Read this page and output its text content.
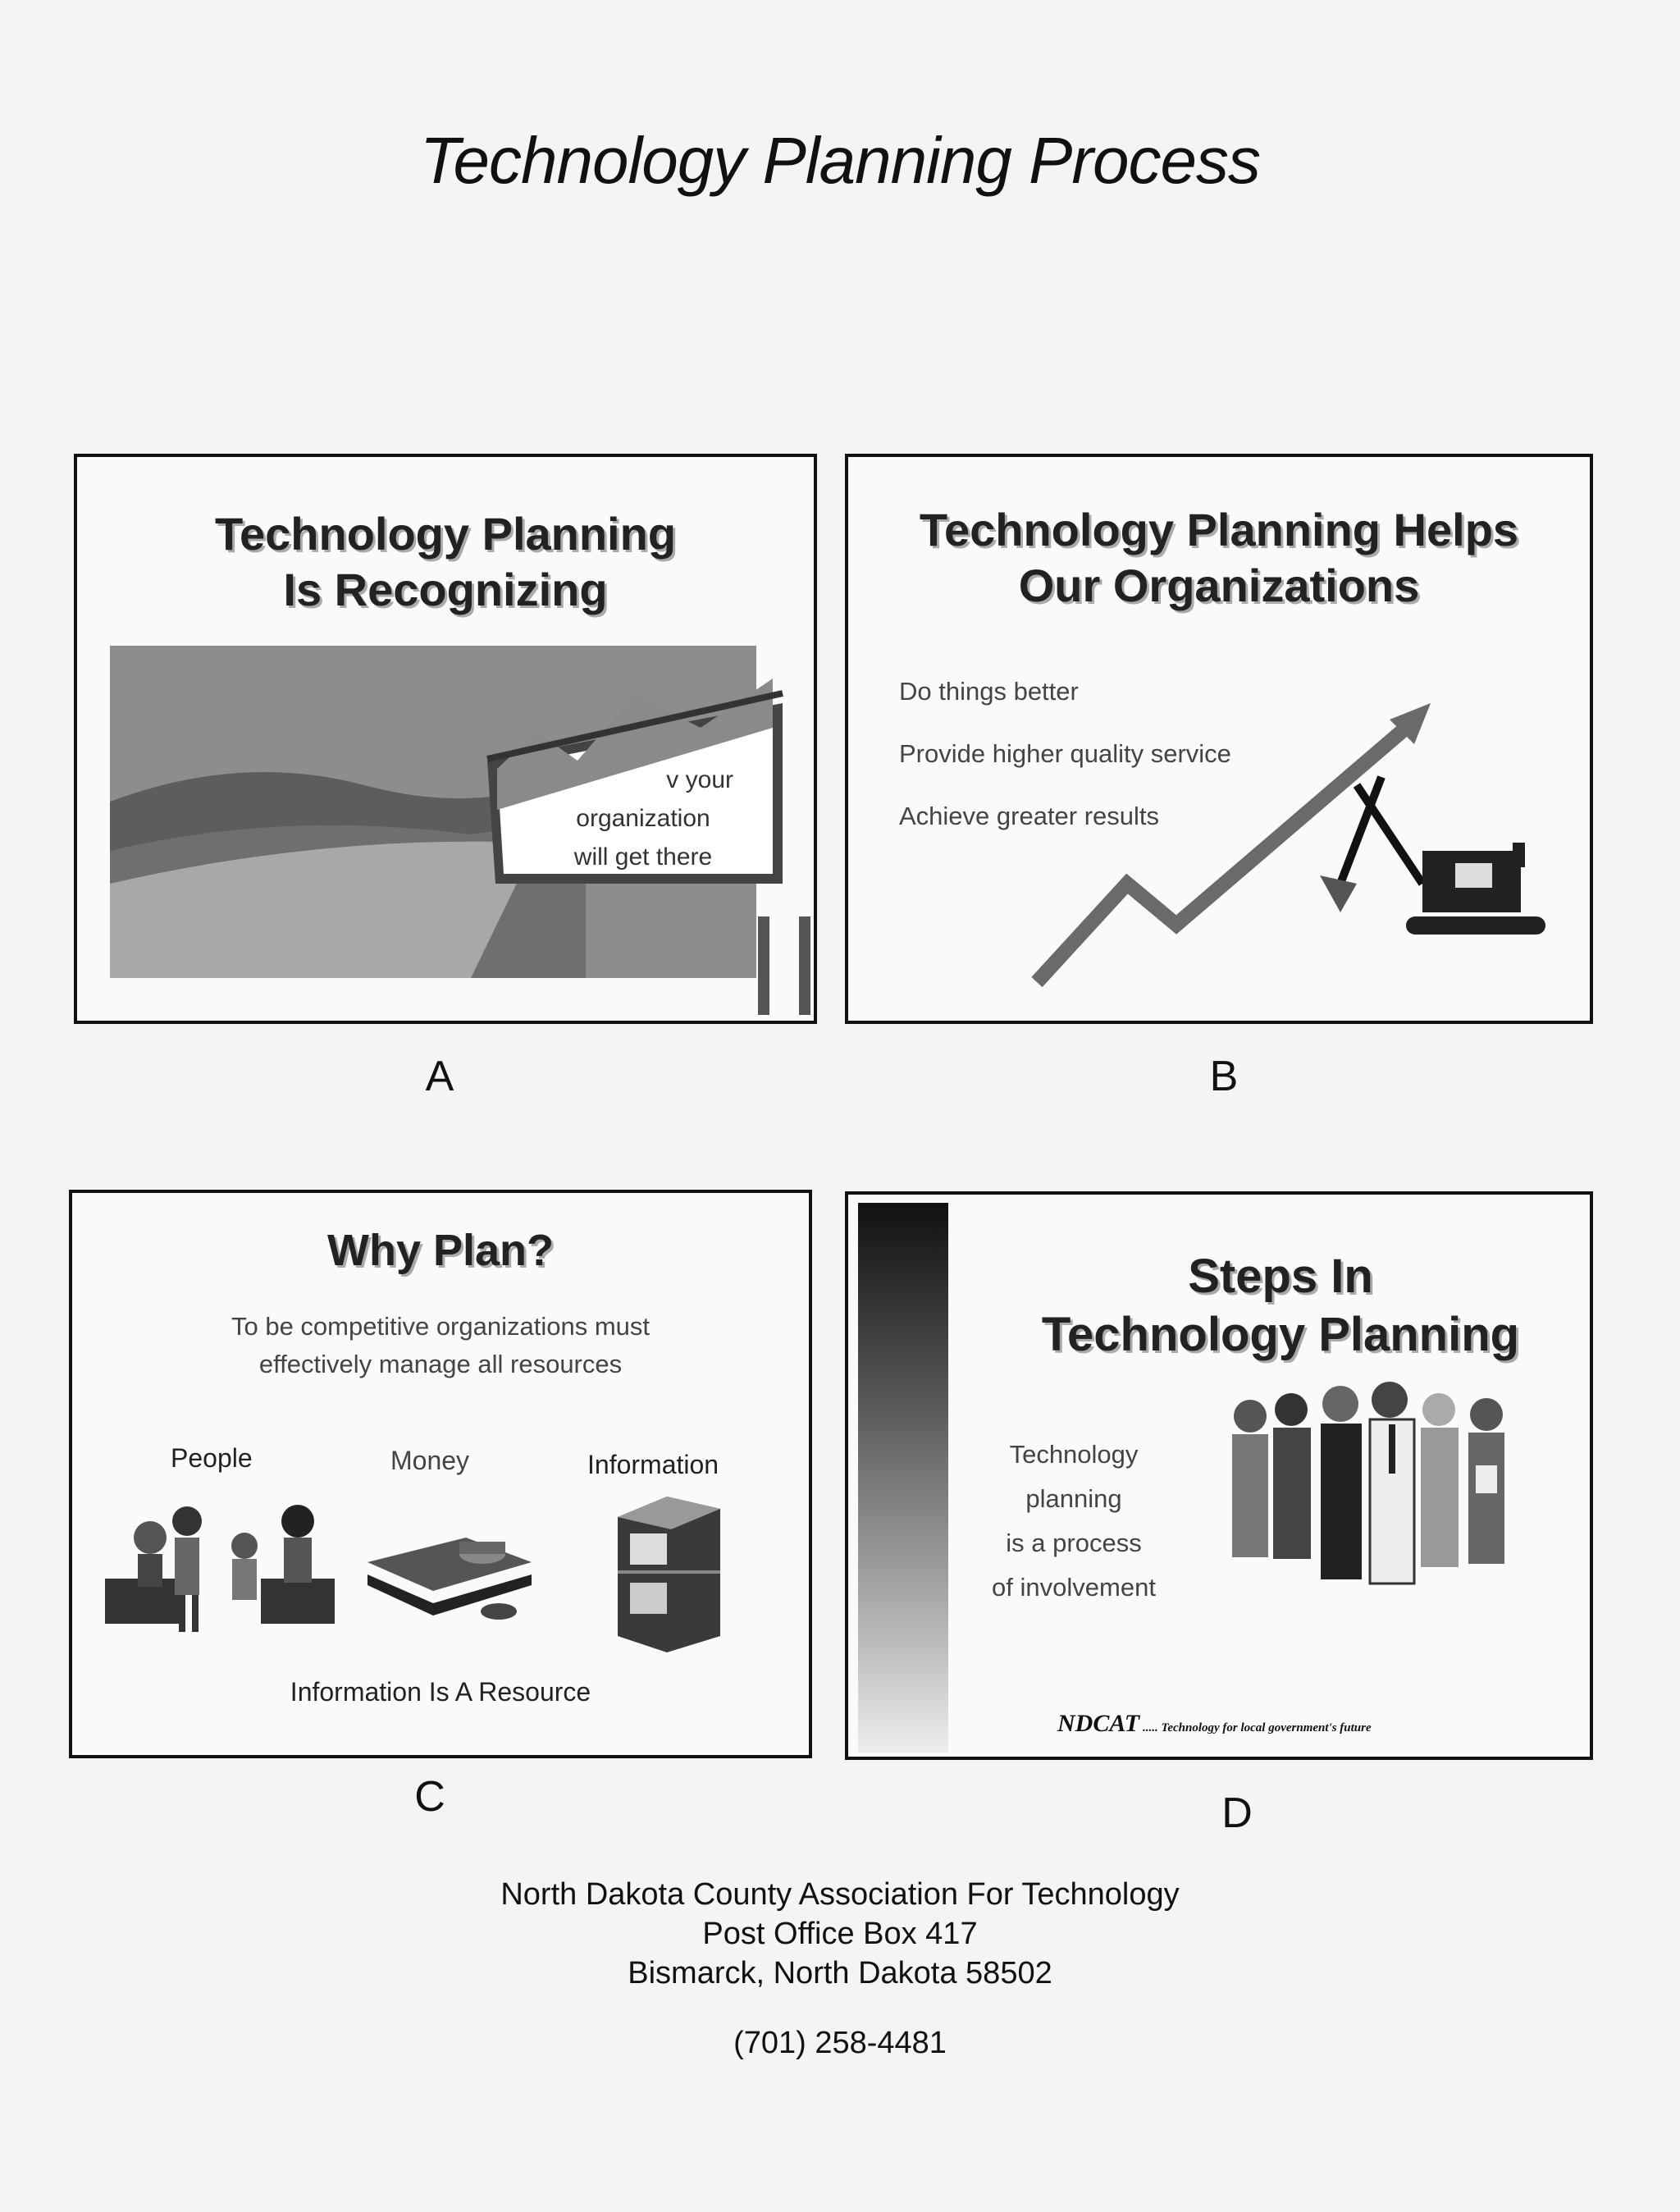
Technology Planning Process
Technology Planning
Is Recognizing
v your
organization
will get there
A
Technology Planning Helps
Our Organizations
Do things better
Provide higher quality service
Achieve greater results
B
Why Plan?
To be competitive organizations must
effectively manage all resources
People	Money	Information
Information Is A Resource
C
Steps In
Technology Planning
Technology
planning
is a process
of involvement
NDCAT ..... Technology for local government's future
D
North Dakota County Association For Technology
Post Office Box 417
Bismarck, North Dakota 58502
(701) 258-4481
